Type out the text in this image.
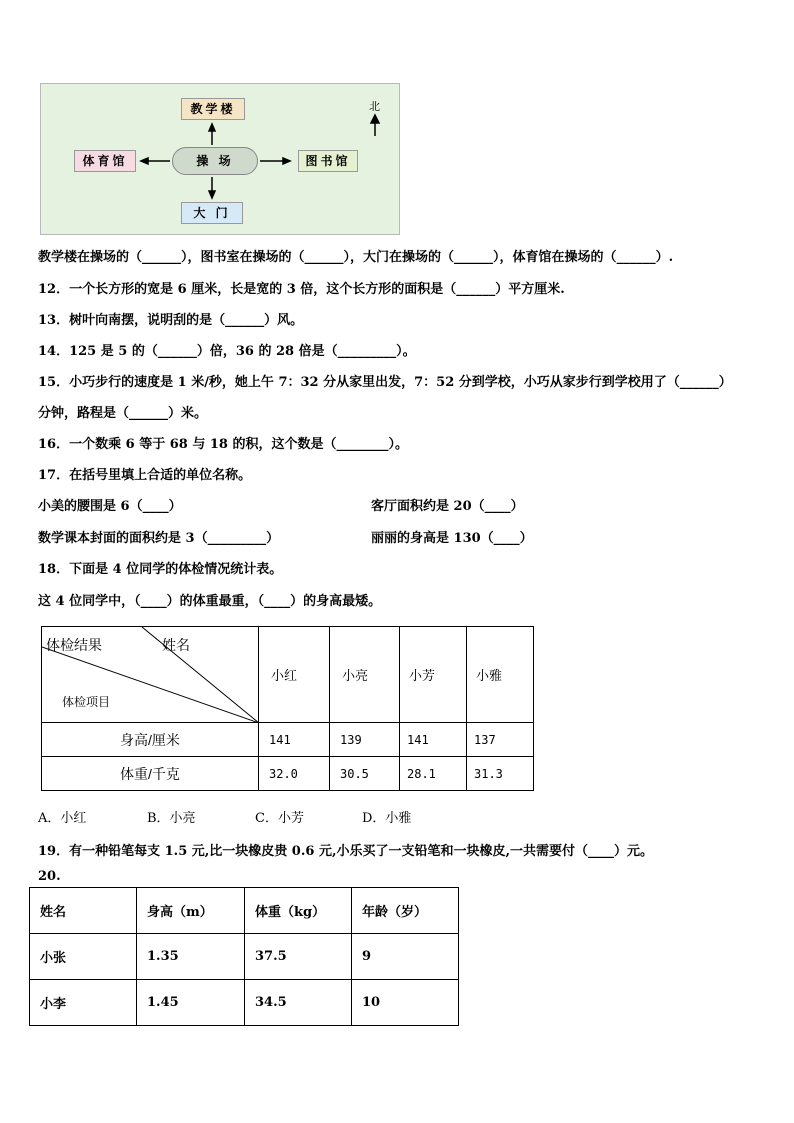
教学楼
操 场
体育馆	图书馆
大 门
北
教学楼在操场的（______），图书室在操场的（______），大门在操场的（______），体育馆在操场的（______）.
12．一个长方形的宽是 6 厘米，长是宽的 3 倍，这个长方形的面积是（______）平方厘米.
13．树叶向南摆，说明刮的是（______）风。
14．125 是 5 的（______）倍，36 的 28 倍是（_________）。
15．小巧步行的速度是 1 米/秒，她上午 7：32 分从家里出发，7：52 分到学校，小巧从家步行到学校用了（______）
分钟，路程是（______）米。
16．一个数乘 6 等于 68 与 18 的积，这个数是（________）。
17．在括号里填上合适的单位名称。
小美的腰围是 6（____）	客厅面积约是 20（____）
数学课本封面的面积约是 3（_________）	丽丽的身高是 130（____）
18．下面是 4 位同学的体检情况统计表。
这 4 位同学中，（____）的体重最重，（____）的身高最矮。
体检结果 姓名
体检项目	小红	小亮	小芳	小雅
身高/厘米	141	139	141	137
体重/千克	32.0	30.5	28.1	31.3
A．小红	B．小亮	C．小芳	D．小雅
19．有一种铅笔每支 1.5 元,比一块橡皮贵 0.6 元,小乐买了一支铅笔和一块橡皮,一共需要付（____）元。
20.
姓名	身高（m）	体重（kg）	年龄（岁）
小张	1.35	37.5	9
小李	1.45	34.5	10
